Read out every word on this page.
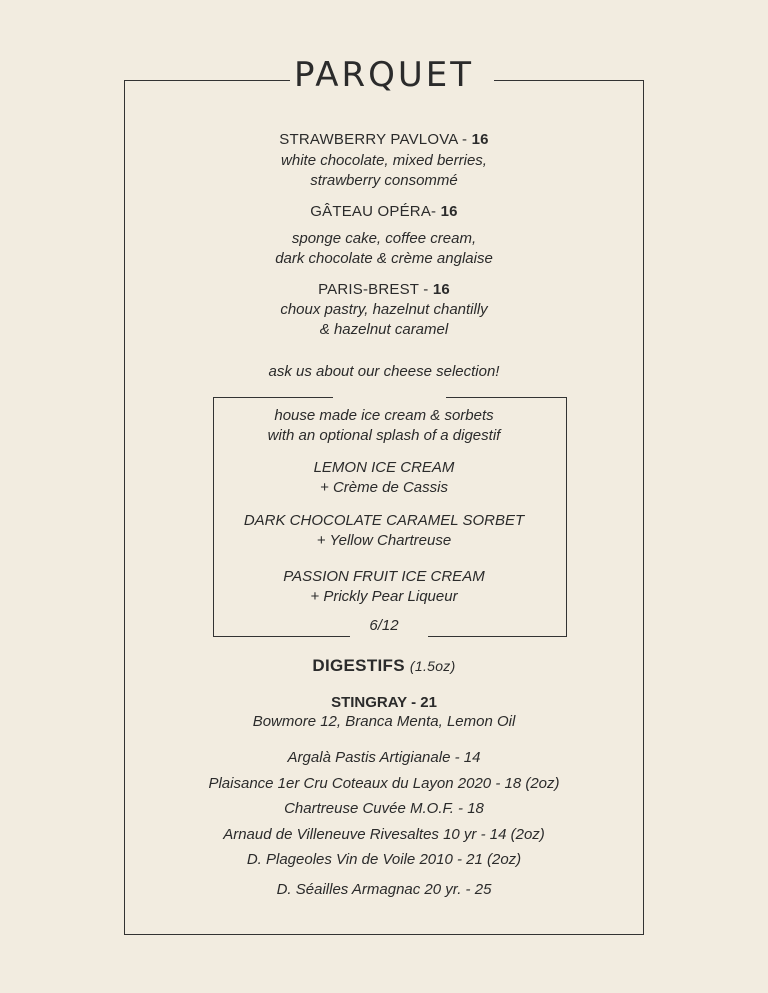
PARQUET
STRAWBERRY PAVLOVA - 16
white chocolate, mixed berries,
strawberry consommé
GÂTEAU OPÉRA- 16
sponge cake, coffee cream,
dark chocolate & crème anglaise
PARIS-BREST - 16
choux pastry, hazelnut chantilly
& hazelnut caramel
ask us about our cheese selection!
house made ice cream & sorbets
with an optional splash of a digestif
LEMON ICE CREAM
+ Crème de Cassis
DARK CHOCOLATE CARAMEL SORBET
+ Yellow Chartreuse
PASSION FRUIT ICE CREAM
+ Prickly Pear Liqueur
6/12
DIGESTIFS (1.5oz)
STINGRAY - 21
Bowmore 12, Branca Menta, Lemon Oil
Argalà Pastis Artigianale - 14
Plaisance 1er Cru Coteaux du Layon 2020 - 18 (2oz)
Chartreuse Cuvée M.O.F. - 18
Arnaud de Villeneuve Rivesaltes 10 yr - 14 (2oz)
D. Plageoles Vin de Voile 2010 - 21 (2oz)
D. Séailles Armagnac 20 yr. - 25
